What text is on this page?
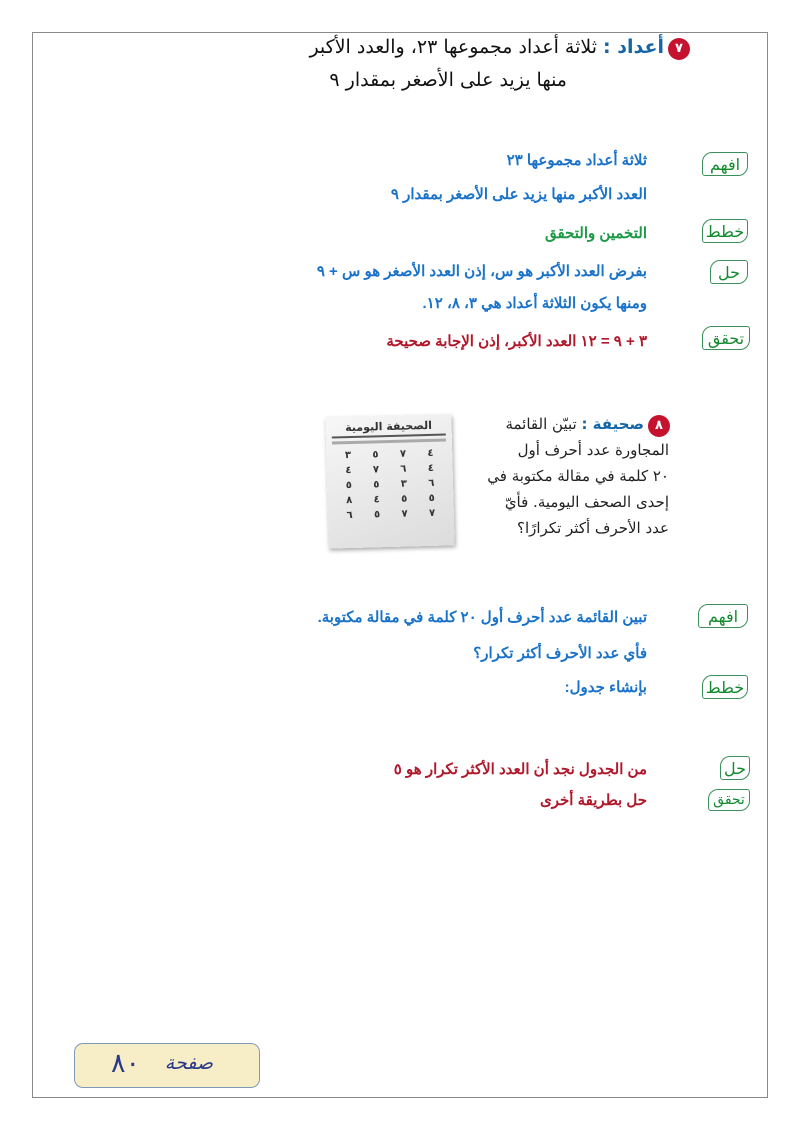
٧
أعداد : ثلاثة أعداد مجموعها ٢٣، والعدد الأكبر
منها يزيد على الأصغر بمقدار ٩
افهم
ثلاثة أعداد مجموعها ٢٣
العدد الأكبر منها يزيد على الأصغر بمقدار ٩
خطط
التخمين والتحقق
حل
بفرض العدد الأكبر هو س، إذن العدد الأصغر هو س + ٩
ومنها يكون الثلاثة أعداد هي ٣، ٨، ١٢.
تحقق
٣ + ٩ = ١٢ العدد الأكبر، إذن الإجابة صحيحة
٨
صحيفة : تبيّن القائمة
المجاورة عدد أحرف أول
٢٠ كلمة في مقالة مكتوبة في
إحدى الصحف اليومية. فأيّ
عدد الأحرف أكثر تكرارًا؟
الصحيفة اليومية
٤
٧
٥
٣
٤
٦
٧
٤
٦
٣
٥
٥
٥
٥
٤
٨
٧
٧
٥
٦
افهم
تبين القائمة عدد أحرف أول ٢٠ كلمة في مقالة مكتوبة.
فأي عدد الأحرف أكثر تكرار؟
خطط
بإنشاء جدول:
حل
من الجدول نجد أن العدد الأكثر تكرار هو ٥
تحقق
حل بطريقة أخرى
صفحة
٨٠
